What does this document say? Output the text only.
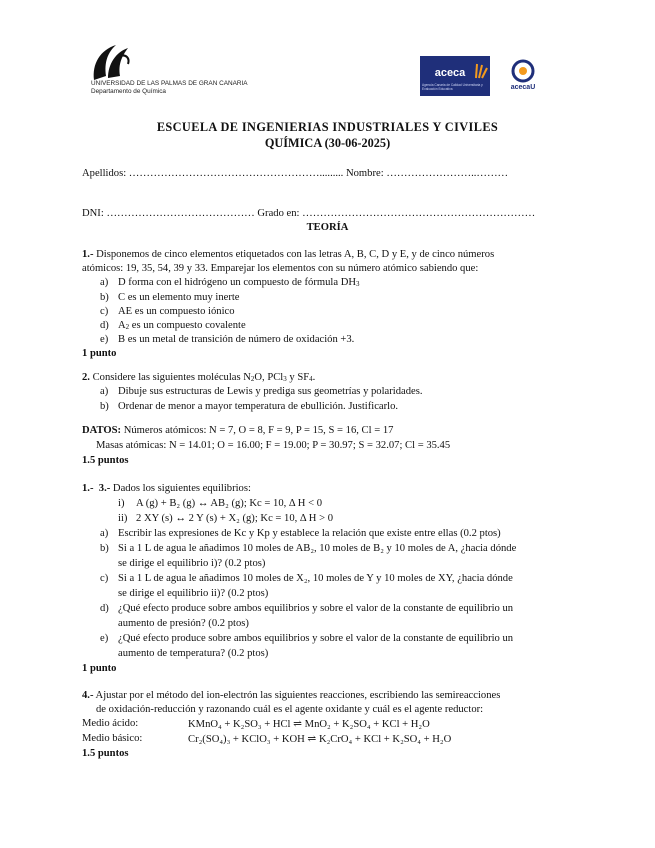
UNIVERSIDAD DE LAS PALMAS DE GRAN CANARIA
Departamento de Química
aceca
Agencia Canaria de Calidad Universitaria y Evaluación Educativa	acecaU
ESCUELA DE INGENIERIAS INDUSTRIALES Y CIVILES
QUÍMICA (30-06-2025)
Apellidos: ………………………………………………......... Nombre: ……………………..………
DNI: …………………………………… Grado en: …………………………………………………………
TEORÍA
1.- Disponemos de cinco elementos etiquetados con las letras A, B, C, D y E, y de cinco números
atómicos: 19, 35, 54, 39 y 33. Emparejar los elementos con su número atómico sabiendo que:
a) D forma con el hidrógeno un compuesto de fórmula DH3
b) C es un elemento muy inerte
c) AE es un compuesto iónico
d) A2 es un compuesto covalente
e) B es un metal de transición de número de oxidación +3.
1 punto
2. Considere las siguientes moléculas N2O, PCl3 y SF4.
a) Dibuje sus estructuras de Lewis y prediga sus geometrías y polaridades.
b) Ordenar de menor a mayor temperatura de ebullición. Justificarlo.
DATOS: Números atómicos: N = 7, O = 8, F = 9, P = 15, S = 16, Cl = 17
Masas atómicas: N = 14.01; O = 16.00; F = 19.00; P = 30.97; S = 32.07; Cl = 35.45
1.5 puntos
1.- 3.- Dados los siguientes equilibrios:
i) A (g) + B₂ (g) ↔ AB₂ (g); Kc = 10, Δ H < 0
ii) 2 XY (s) ↔ 2 Y (s) + X₂ (g); Kc = 10, Δ H > 0
a) Escribir las expresiones de Kc y Kp y establece la relación que existe entre ellas (0.2 ptos)
b) Si a 1 L de agua le añadimos 10 moles de AB₂, 10 moles de B₂ y 10 moles de A, ¿hacia dónde
se dirige el equilibrio i)? (0.2 ptos)
c) Si a 1 L de agua le añadimos 10 moles de X₂, 10 moles de Y y 10 moles de XY, ¿hacia dónde
se dirige el equilibrio ii)? (0.2 ptos)
d) ¿Qué efecto produce sobre ambos equilibrios y sobre el valor de la constante de equilibrio un
aumento de presión? (0.2 ptos)
e) ¿Qué efecto produce sobre ambos equilibrios y sobre el valor de la constante de equilibrio un
aumento de temperatura? (0.2 ptos)
1 punto
4.- Ajustar por el método del ion-electrón las siguientes reacciones, escribiendo las semireacciones
de oxidación-reducción y razonando cuál es el agente oxidante y cuál es el agente reductor:
Medio ácido:	KMnO₄ + K₂SO₃ + HCl ⇌ MnO₂ + K₂SO₄ + KCl + H₂O
Medio básico:	Cr₂(SO₄)₃ + KClO₃ + KOH ⇌ K₂CrO₄ + KCl + K₂SO₄ + H₂O
1.5 puntos
